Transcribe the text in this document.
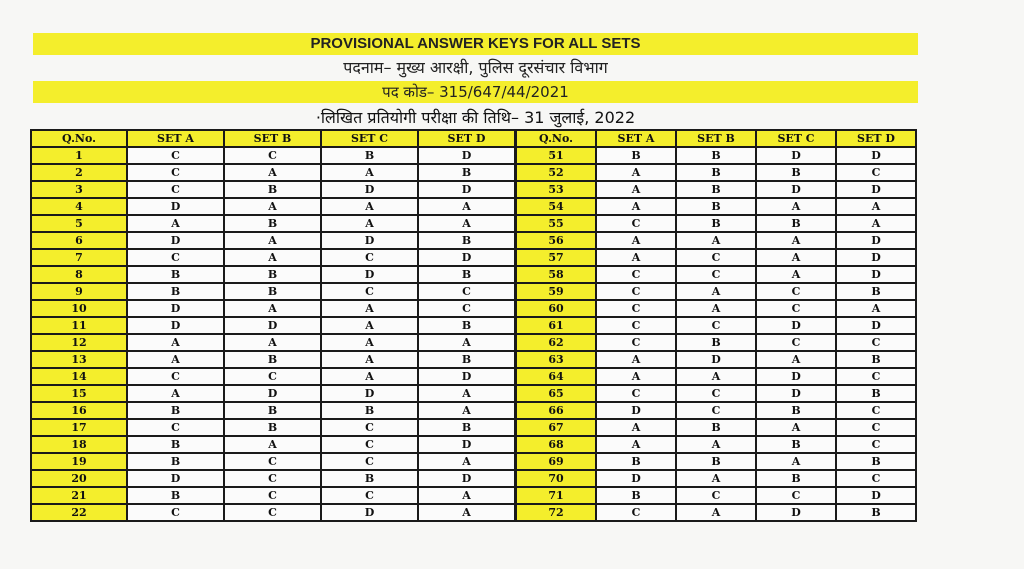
PROVISIONAL ANSWER KEYS FOR ALL SETS
पदनाम– मुख्य आरक्षी, पुलिस दूरसंचार विभाग
पद कोड– 315/647/44/2021
·लिखित प्रतियोगी परीक्षा की तिथि– 31 जुलाई, 2022
Q.No.	SET A	SET B	SET C	SET D
1	C	C	B	D
2	C	A	A	B
3	C	B	D	D
4	D	A	A	A
5	A	B	A	A
6	D	A	D	B
7	C	A	C	D
8	B	B	D	B
9	B	B	C	C
10	D	A	A	C
11	D	D	A	B
12	A	A	A	A
13	A	B	A	B
14	C	C	A	D
15	A	D	D	A
16	B	B	B	A
17	C	B	C	B
18	B	A	C	D
19	B	C	C	A
20	D	C	B	D
21	B	C	C	A
22	C	C	D	A
Q.No.	SET A	SET B	SET C	SET D
51	B	B	D	D
52	A	B	B	C
53	A	B	D	D
54	A	B	A	A
55	C	B	B	A
56	A	A	A	D
57	A	C	A	D
58	C	C	A	D
59	C	A	C	B
60	C	A	C	A
61	C	C	D	D
62	C	B	C	C
63	A	D	A	B
64	A	A	D	C
65	C	C	D	B
66	D	C	B	C
67	A	B	A	C
68	A	A	B	C
69	B	B	A	B
70	D	A	B	C
71	B	C	C	D
72	C	A	D	B
